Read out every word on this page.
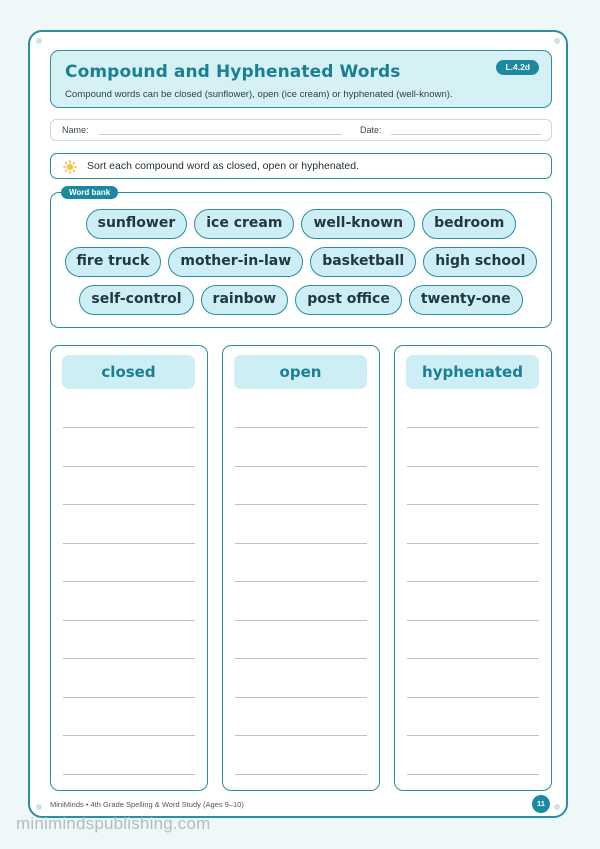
Compound and Hyphenated Words	L.4.2d
Compound words can be closed (sunflower), open (ice cream) or hyphenated (well-known).
Name:	Date:
Sort each compound word as closed, open or hyphenated.
Word bank
sunflower	ice cream	well-known	bedroom
fire truck	mother-in-law	basketball	high school
self-control	rainbow	post office	twenty-one
closed	open	hyphenated
MiniMinds • 4th Grade Spelling & Word Study (Ages 9–10)	11
minimindspublishing.com
